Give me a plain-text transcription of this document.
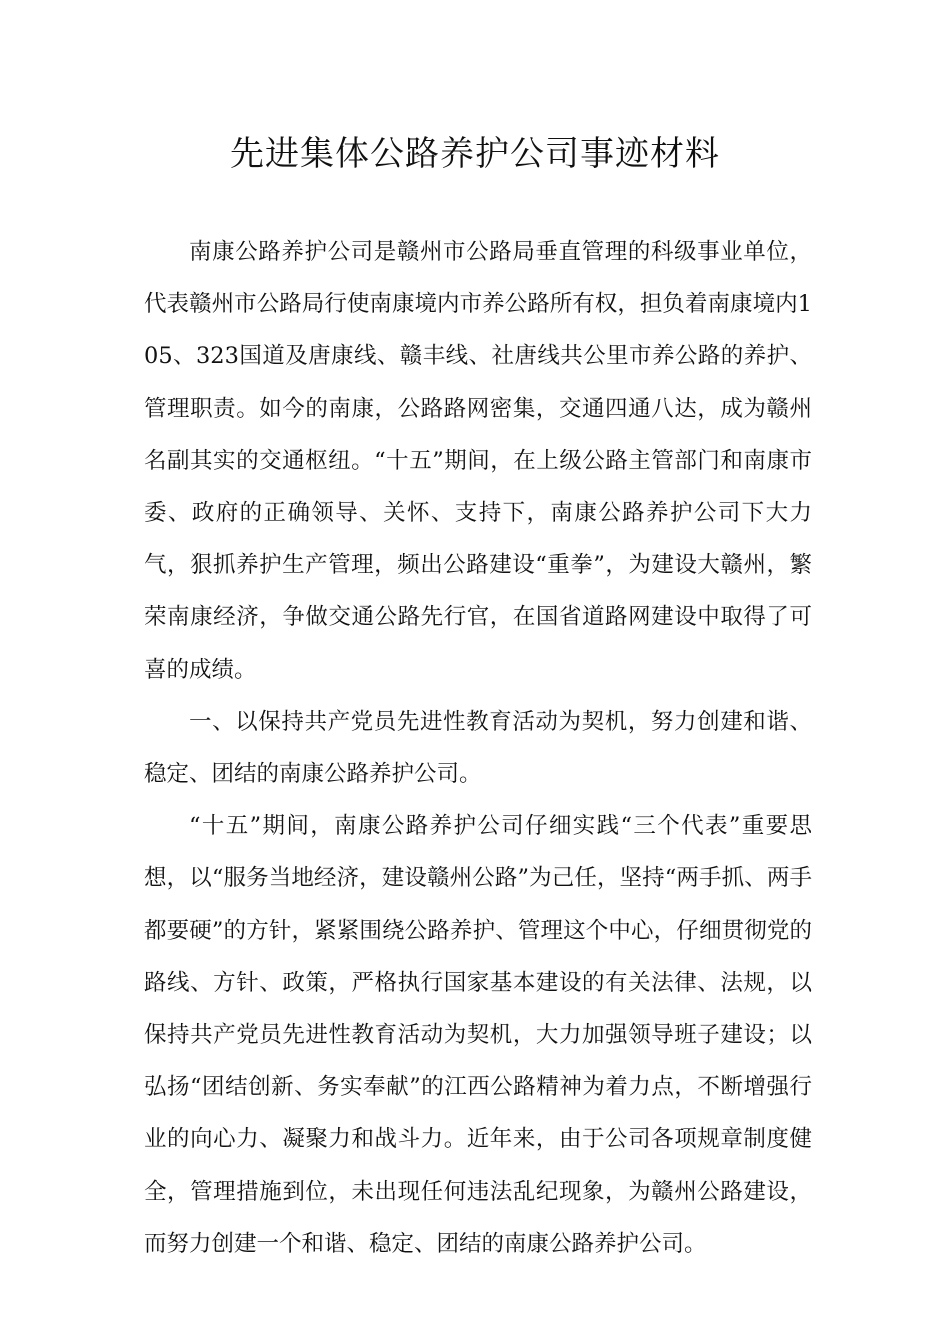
先进集体公路养护公司事迹材料

南康公路养护公司是赣州市公路局垂直管理的科级事业单位，代表赣州市公路局行使南康境内市养公路所有权，担负着南康境内105、323国道及唐康线、赣丰线、社唐线共公里市养公路的养护、管理职责。如今的南康，公路路网密集，交通四通八达，成为赣州名副其实的交通枢纽。“十五”期间，在上级公路主管部门和南康市委、政府的正确领导、关怀、支持下，南康公路养护公司下大力气，狠抓养护生产管理，频出公路建设“重拳”，为建设大赣州，繁荣南康经济，争做交通公路先行官，在国省道路网建设中取得了可喜的成绩。

一、以保持共产党员先进性教育活动为契机，努力创建和谐、稳定、团结的南康公路养护公司。

“十五”期间，南康公路养护公司仔细实践“三个代表”重要思想，以“服务当地经济，建设赣州公路”为己任，坚持“两手抓、两手都要硬”的方针，紧紧围绕公路养护、管理这个中心，仔细贯彻党的路线、方针、政策，严格执行国家基本建设的有关法律、法规，以保持共产党员先进性教育活动为契机，大力加强领导班子建设；以弘扬“团结创新、务实奉献”的江西公路精神为着力点，不断增强行业的向心力、凝聚力和战斗力。近年来，由于公司各项规章制度健全，管理措施到位，未出现任何违法乱纪现象，为赣州公路建设，而努力创建一个和谐、稳定、团结的南康公路养护公司。
